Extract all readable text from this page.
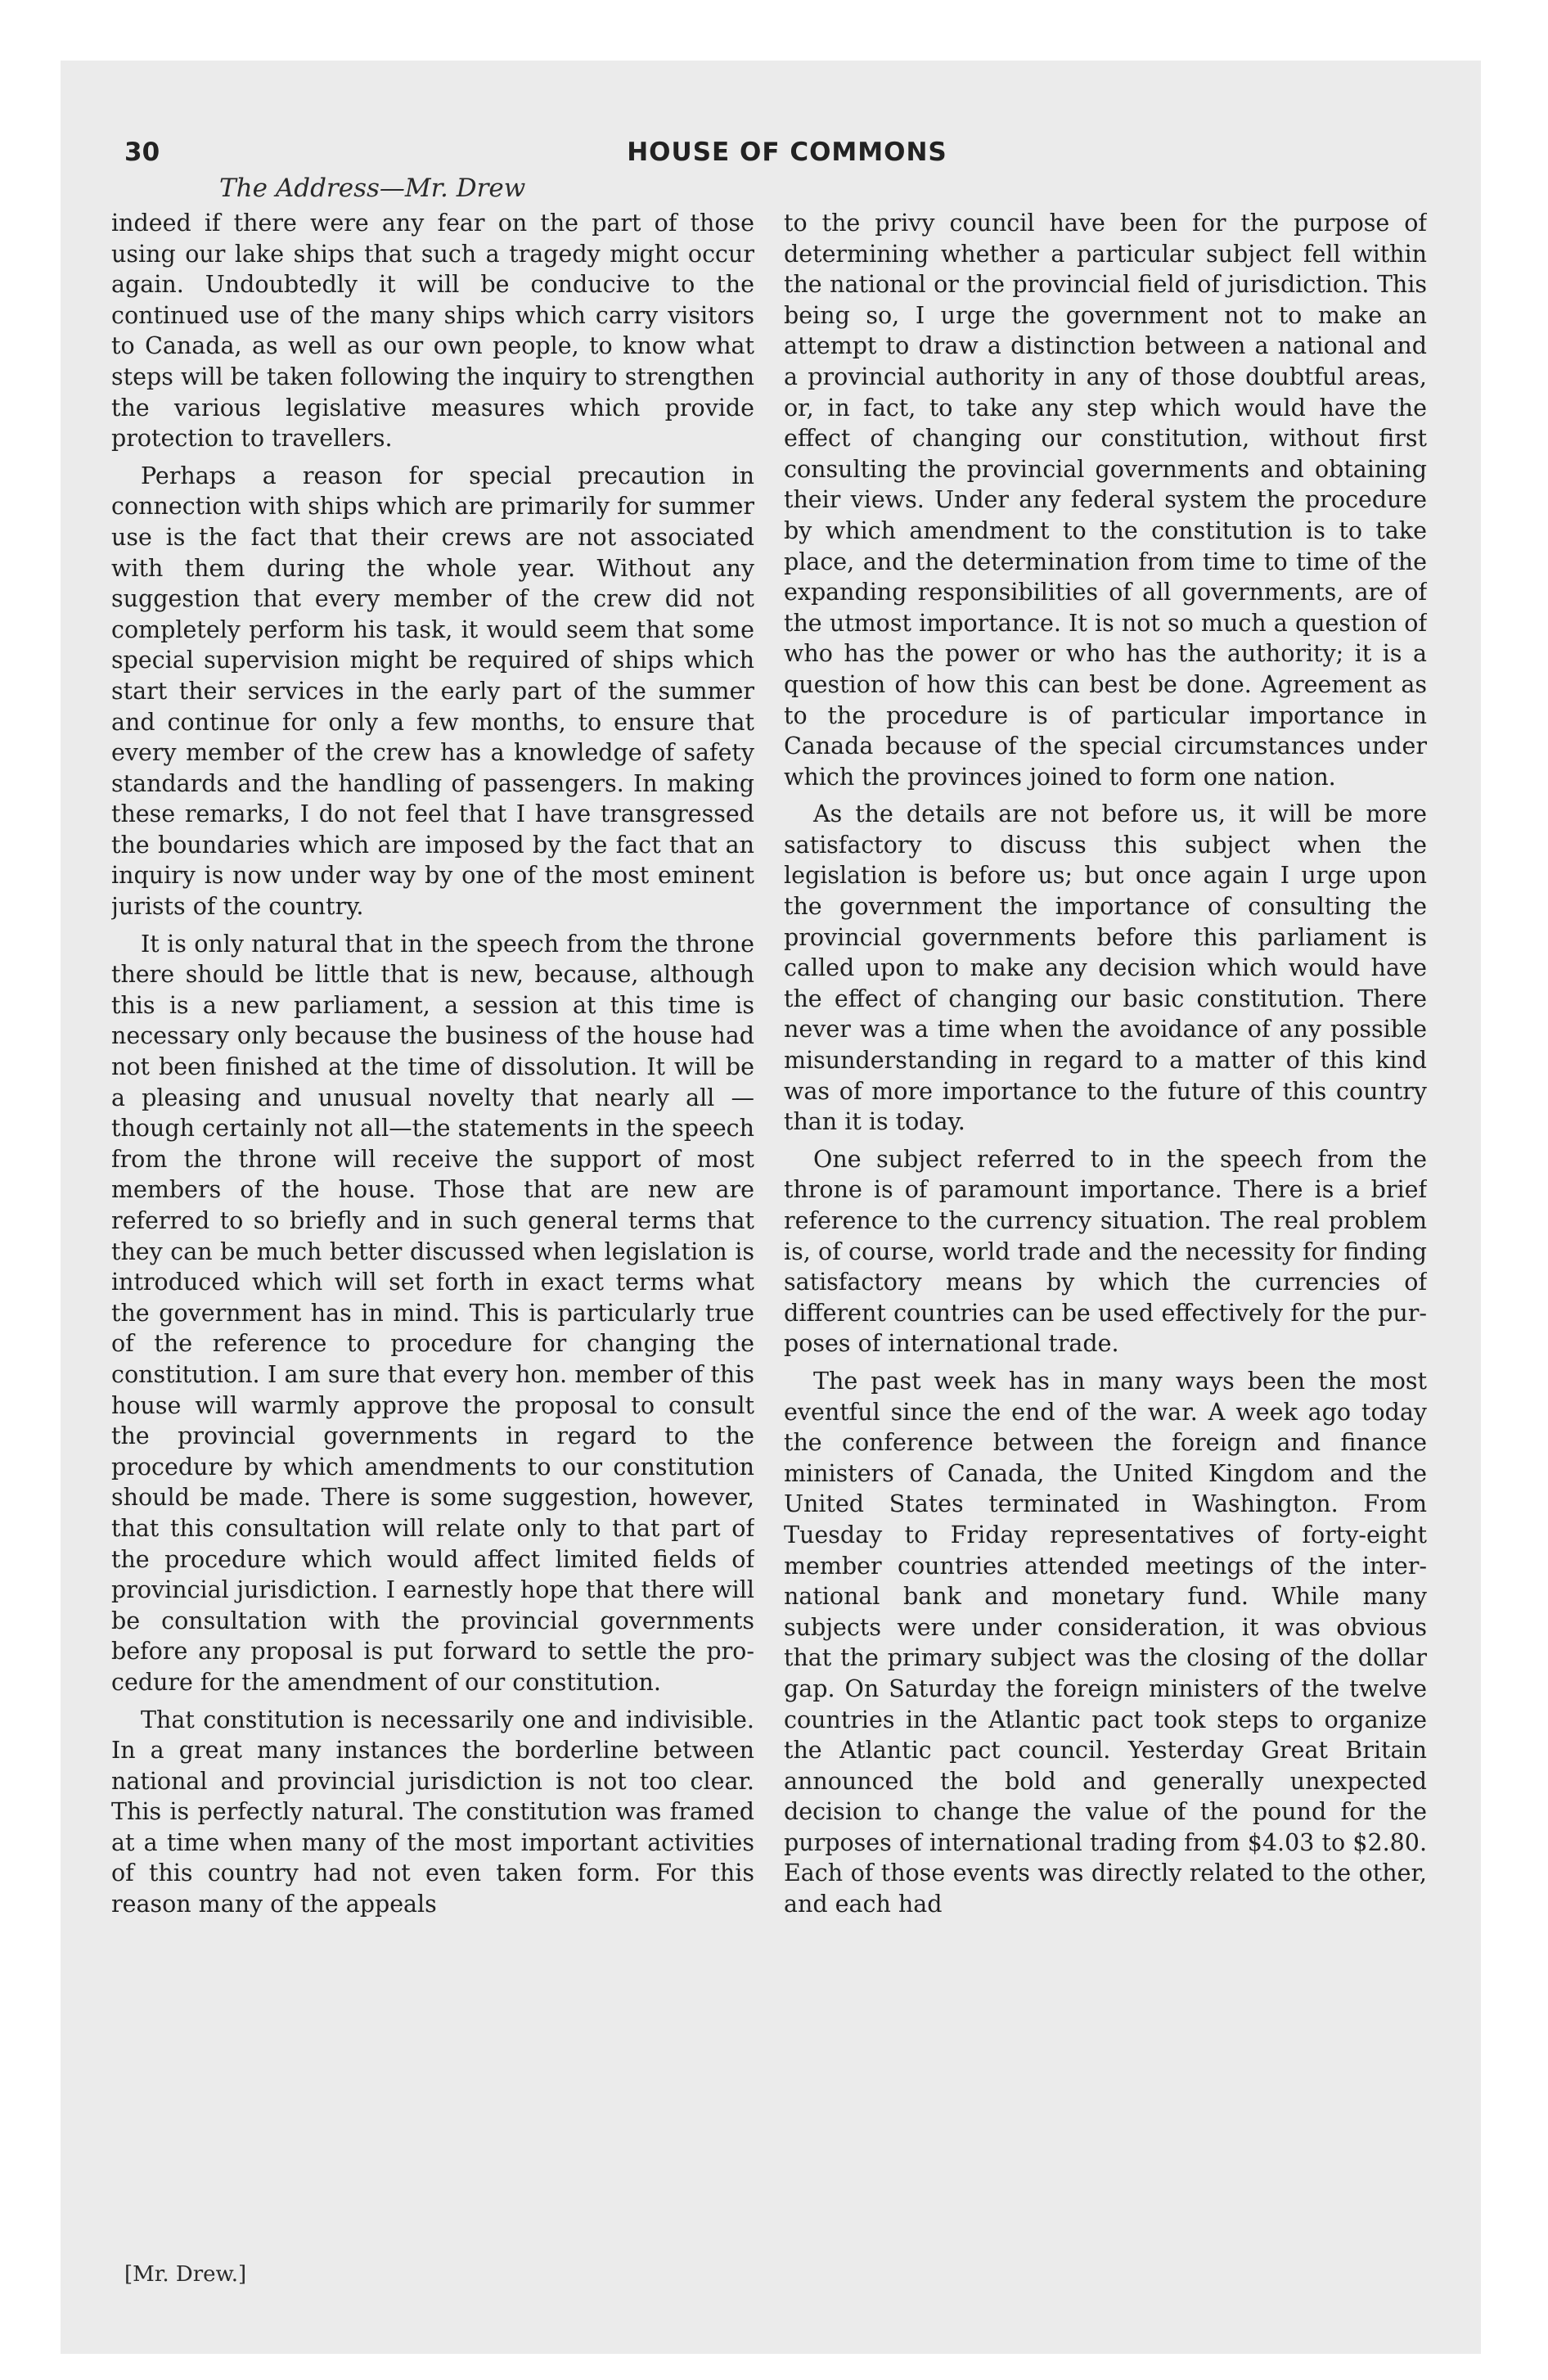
30	HOUSE OF COMMONS
The Address—Mr. Drew

indeed if there were any fear on the part of those using our lake ships that such a tragedy might occur again. Undoubtedly it will be conducive to the continued use of the many ships which carry visitors to Canada, as well as our own people, to know what steps will be taken following the inquiry to strengthen the various legislative measures which provide protection to travellers.

Perhaps a reason for special precaution in connection with ships which are primarily for summer use is the fact that their crews are not associated with them during the whole year. Without any suggestion that every member of the crew did not completely perform his task, it would seem that some special supervision might be required of ships which start their services in the early part of the summer and continue for only a few months, to ensure that every member of the crew has a knowledge of safety standards and the handling of passengers. In making these remarks, I do not feel that I have transgressed the boundaries which are imposed by the fact that an inquiry is now under way by one of the most eminent jurists of the country.

It is only natural that in the speech from the throne there should be little that is new, because, although this is a new parliament, a session at this time is necessary only because the business of the house had not been finished at the time of dissolution. It will be a pleasing and unusual novelty that nearly all —though certainly not all—the statements in the speech from the throne will receive the support of most members of the house. Those that are new are referred to so briefly and in such general terms that they can be much better discussed when legislation is introduced which will set forth in exact terms what the government has in mind. This is particularly true of the reference to procedure for changing the constitution. I am sure that every hon. member of this house will warmly approve the proposal to consult the provincial governments in regard to the procedure by which amendments to our constitution should be made. There is some suggestion, however, that this consultation will relate only to that part of the procedure which would affect limited fields of provincial jurisdiction. I earnestly hope that there will be consultation with the provincial governments before any proposal is put forward to settle the procedure for the amendment of our constitution.

That constitution is necessarily one and indivisible. In a great many instances the borderline between national and provincial jurisdiction is not too clear. This is perfectly natural. The constitution was framed at a time when many of the most important activities of this country had not even taken form. For this reason many of the appeals

to the privy council have been for the purpose of determining whether a particular subject fell within the national or the provincial field of jurisdiction. This being so, I urge the government not to make an attempt to draw a distinction between a national and a provincial authority in any of those doubtful areas, or, in fact, to take any step which would have the effect of changing our constitution, without first consulting the provincial governments and obtaining their views. Under any federal system the procedure by which amendment to the constitution is to take place, and the determination from time to time of the expanding responsibilities of all governments, are of the utmost importance. It is not so much a question of who has the power or who has the authority; it is a question of how this can best be done. Agreement as to the procedure is of particular importance in Canada because of the special circumstances under which the provinces joined to form one nation.

As the details are not before us, it will be more satisfactory to discuss this subject when the legislation is before us; but once again I urge upon the government the importance of consulting the provincial governments before this parliament is called upon to make any decision which would have the effect of changing our basic constitution. There never was a time when the avoidance of any possible misunderstanding in regard to a matter of this kind was of more importance to the future of this country than it is today.

One subject referred to in the speech from the throne is of paramount importance. There is a brief reference to the currency situation. The real problem is, of course, world trade and the necessity for finding satisfactory means by which the currencies of different countries can be used effectively for the purposes of international trade.

The past week has in many ways been the most eventful since the end of the war. A week ago today the conference between the foreign and finance ministers of Canada, the United Kingdom and the United States terminated in Washington. From Tuesday to Friday representatives of forty-eight member countries attended meetings of the international bank and monetary fund. While many subjects were under consideration, it was obvious that the primary subject was the closing of the dollar gap. On Saturday the foreign ministers of the twelve countries in the Atlantic pact took steps to organize the Atlantic pact council. Yesterday Great Britain announced the bold and generally unexpected decision to change the value of the pound for the purposes of international trading from $4.03 to $2.80. Each of those events was directly related to the other, and each had

[Mr. Drew.]
